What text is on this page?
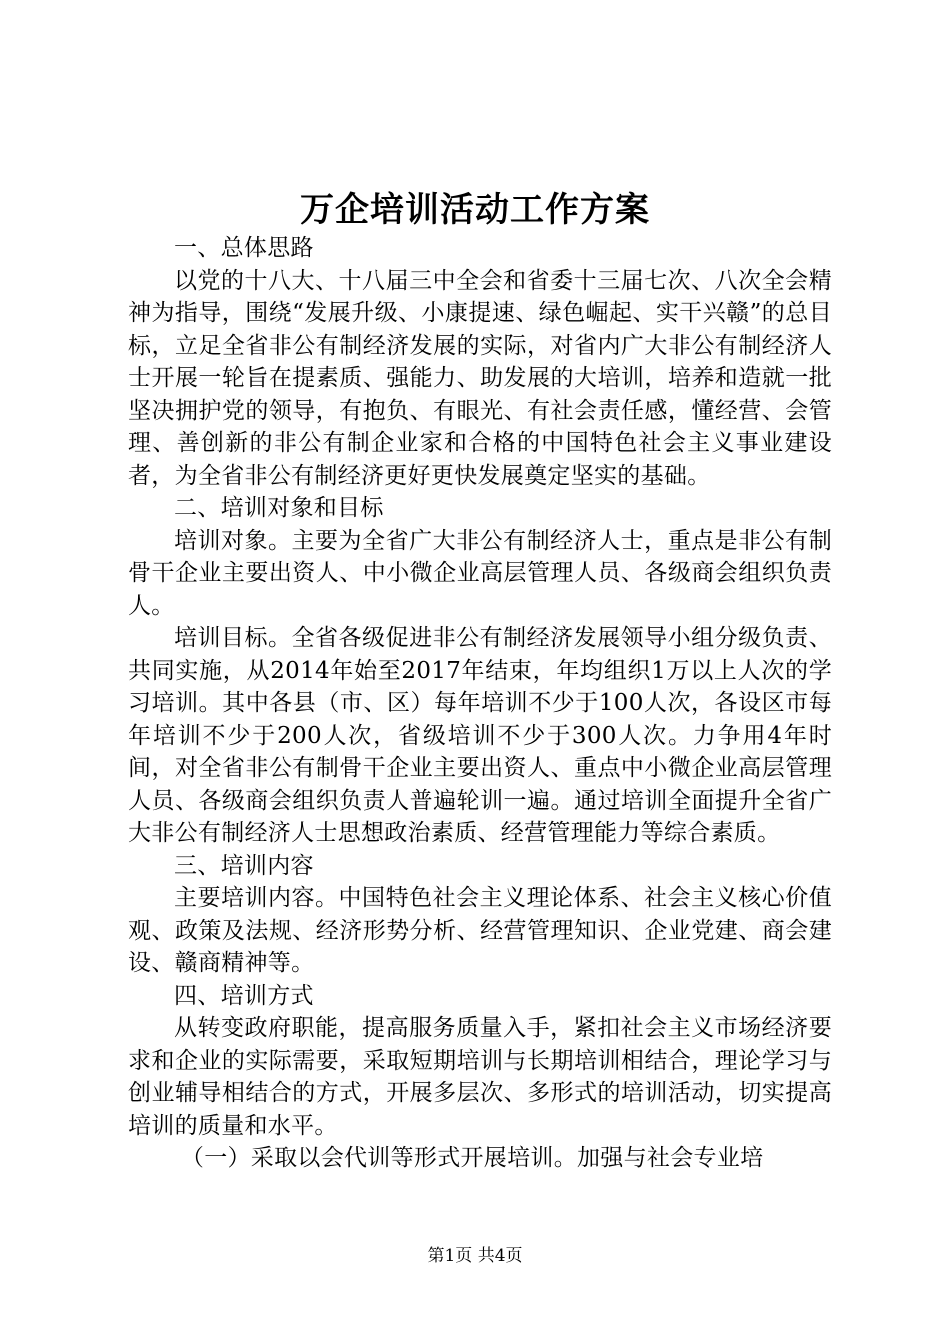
万企培训活动工作方案

一、总体思路

以党的十八大、十八届三中全会和省委十三届七次、八次全会精神为指导，围绕“发展升级、小康提速、绿色崛起、实干兴赣”的总目标，立足全省非公有制经济发展的实际，对省内广大非公有制经济人士开展一轮旨在提素质、强能力、助发展的大培训，培养和造就一批坚决拥护党的领导，有抱负、有眼光、有社会责任感，懂经营、会管理、善创新的非公有制企业家和合格的中国特色社会主义事业建设者，为全省非公有制经济更好更快发展奠定坚实的基础。

二、培训对象和目标

培训对象。主要为全省广大非公有制经济人士，重点是非公有制骨干企业主要出资人、中小微企业高层管理人员、各级商会组织负责人。

培训目标。全省各级促进非公有制经济发展领导小组分级负责、共同实施，从2014年始至2017年结束，年均组织1万以上人次的学习培训。其中各县（市、区）每年培训不少于100人次，各设区市每年培训不少于200人次，省级培训不少于300人次。力争用4年时间，对全省非公有制骨干企业主要出资人、重点中小微企业高层管理人员、各级商会组织负责人普遍轮训一遍。通过培训全面提升全省广大非公有制经济人士思想政治素质、经营管理能力等综合素质。

三、培训内容

主要培训内容。中国特色社会主义理论体系、社会主义核心价值观、政策及法规、经济形势分析、经营管理知识、企业党建、商会建设、赣商精神等。

四、培训方式

从转变政府职能，提高服务质量入手，紧扣社会主义市场经济要求和企业的实际需要，采取短期培训与长期培训相结合，理论学习与创业辅导相结合的方式，开展多层次、多形式的培训活动，切实提高培训的质量和水平。

（一）采取以会代训等形式开展培训。加强与社会专业培

第1页 共4页
